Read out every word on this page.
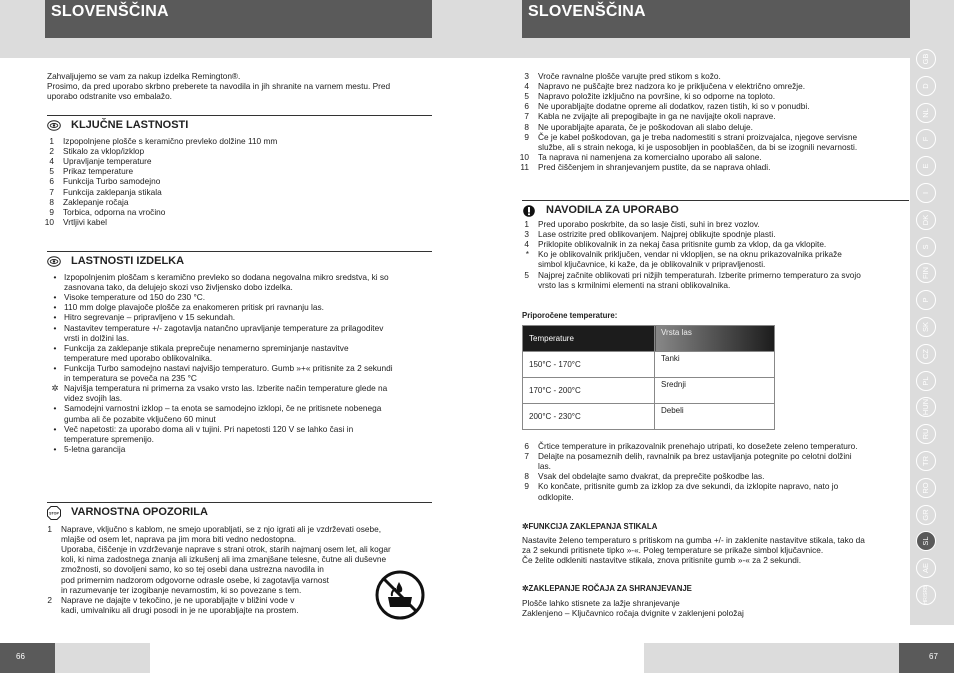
SLOVENŠČINA
66
Zahvaljujemo se vam za nakup izdelka Remington®.
Prosimo, da pred uporabo skrbno preberete ta navodila in jih shranite na varnem mestu. Pred
uporabo odstranite vso embalažo.
KLJUČNE LASTNOSTI
1 Izpopolnjene plošče s keramično prevleko dolžine 110 mm
2 Stikalo za vklop/izklop
4 Upravljanje temperature
5 Prikaz temperature
6 Funkcija Turbo samodejno
7 Funkcija zaklepanja stikala
8 Zaklepanje ročaja
9 Torbica, odporna na vročino
10 Vrtljivi kabel
LASTNOSTI IZDELKA
• Izpopolnjenim ploščam s keramično prevleko so dodana negovalna mikro sredstva, ki so
zasnovana tako, da delujejo skozi vso življensko dobo izdelka.
• Visoke temperature od 150 do 230 °C.
• 110 mm dolge plavajoče plošče za enakomeren pritisk pri ravnanju las.
• Hitro segrevanje – pripravljeno v 15 sekundah.
• Nastavitev temperature +/- zagotavlja natančno upravljanje temperature za prilagoditev
vrsti in dolžini las.
• Funkcija za zaklepanje stikala preprečuje nenamerno spreminjanje nastavitve
temperature med uporabo oblikovalnika.
• Funkcija Turbo samodejno nastavi najvišjo temperaturo. Gumb »+« pritisnite za 2 sekundi
in temperatura se poveča na 235 °C
✲ Najvišja temperatura ni primerna za vsako vrsto las. Izberite način temperature glede na
videz svojih las.
• Samodejni varnostni izklop – ta enota se samodejno izklopi, če ne pritisnete nobenega
gumba ali če pozabite vključeno 60 minut
• Več napetosti: za uporabo doma ali v tujini. Pri napetosti 120 V se lahko časi in
temperature spremenijo.
• 5-letna garancija
STOP VARNOSTNA OPOZORILA
1 Naprave, vključno s kablom, ne smejo uporabljati, se z njo igrati ali je vzdrževati osebe,
mlajše od osem let, naprava pa jim mora biti vedno nedostopna.
Uporaba, čiščenje in vzdrževanje naprave s strani otrok, starih najmanj osem let, ali kogar
koli, ki nima zadostnega znanja ali izkušenj ali ima zmanjšane telesne, čutne ali duševne
zmožnosti, so dovoljeni samo, ko so tej osebi dana ustrezna navodila in
pod primernim nadzorom odgovorne odrasle osebe, ki zagotavlja varnost
in razumevanje ter izogibanje nevarnostim, ki so povezane s tem.
2 Naprave ne dajajte v tekočino, je ne uporabljajte v bližini vode v
kadi, umivalniku ali drugi posodi in je ne uporabljajte na prostem.
SLOVENŠČINA
67
GB
D
NL
F
E
I
DK
S
FIN
P
SK
CZ
PL
HUN
RU
TR
RO
GR
SL
AE
HR/SRB
3 Vroče ravnalne plošče varujte pred stikom s kožo.
4 Napravo ne puščajte brez nadzora ko je priključena v električno omrežje.
5 Napravo položite izključno na površine, ki so odporne na toploto.
6 Ne uporabljajte dodatne opreme ali dodatkov, razen tistih, ki so v ponudbi.
7 Kabla ne zvijajte ali prepogibajte in ga ne navijajte okoli naprave.
8 Ne uporabljajte aparata, če je poškodovan ali slabo deluje.
9 Če je kabel poškodovan, ga je treba nadomestiti s strani proizvajalca, njegove servisne
službe, ali s strain nekoga, ki je usposobljen in pooblaščen, da bi se izognili nevarnosti.
10 Ta naprava ni namenjena za komercialno uporabo ali salone.
11 Pred čiščenjem in shranjevanjem pustite, da se naprava ohladi.
NAVODILA ZA UPORABO
1 Pred uporabo poskrbite, da so lasje čisti, suhi in brez vozlov.
3 Lase ostrizite pred oblikovanjem. Najprej oblikujte spodnje plasti.
4 Priklopite oblikovalnik in za nekaj časa pritisnite gumb za vklop, da ga vklopite.
* Ko je oblikovalnik priključen, vendar ni vklopljen, se na oknu prikazovalnika prikaže
simbol ključavnice, ki kaže, da je oblikovalnik v pripravljenosti.
5 Najprej začnite oblikovati pri nižjih temperaturah. Izberite primerno temperaturo za svojo
vrsto las s krmilnimi elementi na strani oblikovalnika.
Priporočene temperature:
Temperature	Vrsta las
150°C - 170°C	Tanki
170°C - 200°C	Srednji
200°C - 230°C	Debeli
6 Črtice temperature in prikazovalnik prenehajo utripati, ko dosežete zeleno temperaturo.
7 Delajte na posameznih delih, ravnalnik pa brez ustavljanja potegnite po celotni dolžini
las.
8 Vsak del obdelajte samo dvakrat, da preprečite poškodbe las.
9 Ko končate, pritisnite gumb za izklop za dve sekundi, da izklopite napravo, nato jo
odklopite.
✲FUNKCIJA ZAKLEPANJA STIKALA
Nastavite želeno temperaturo s pritiskom na gumba +/- in zaklenite nastavitve stikala, tako da
za 2 sekundi pritisnete tipko »-«. Poleg temperature se prikaže simbol ključavnice.
Če želite odkleniti nastavitve stikala, znova pritisnite gumb »-« za 2 sekundi.
✲ZAKLEPANJE ROČAJA ZA SHRANJEVANJE
Plošče lahko stisnete za lažje shranjevanje
Zaklenjeno – Ključavnico ročaja dvignite v zaklenjeni položaj
